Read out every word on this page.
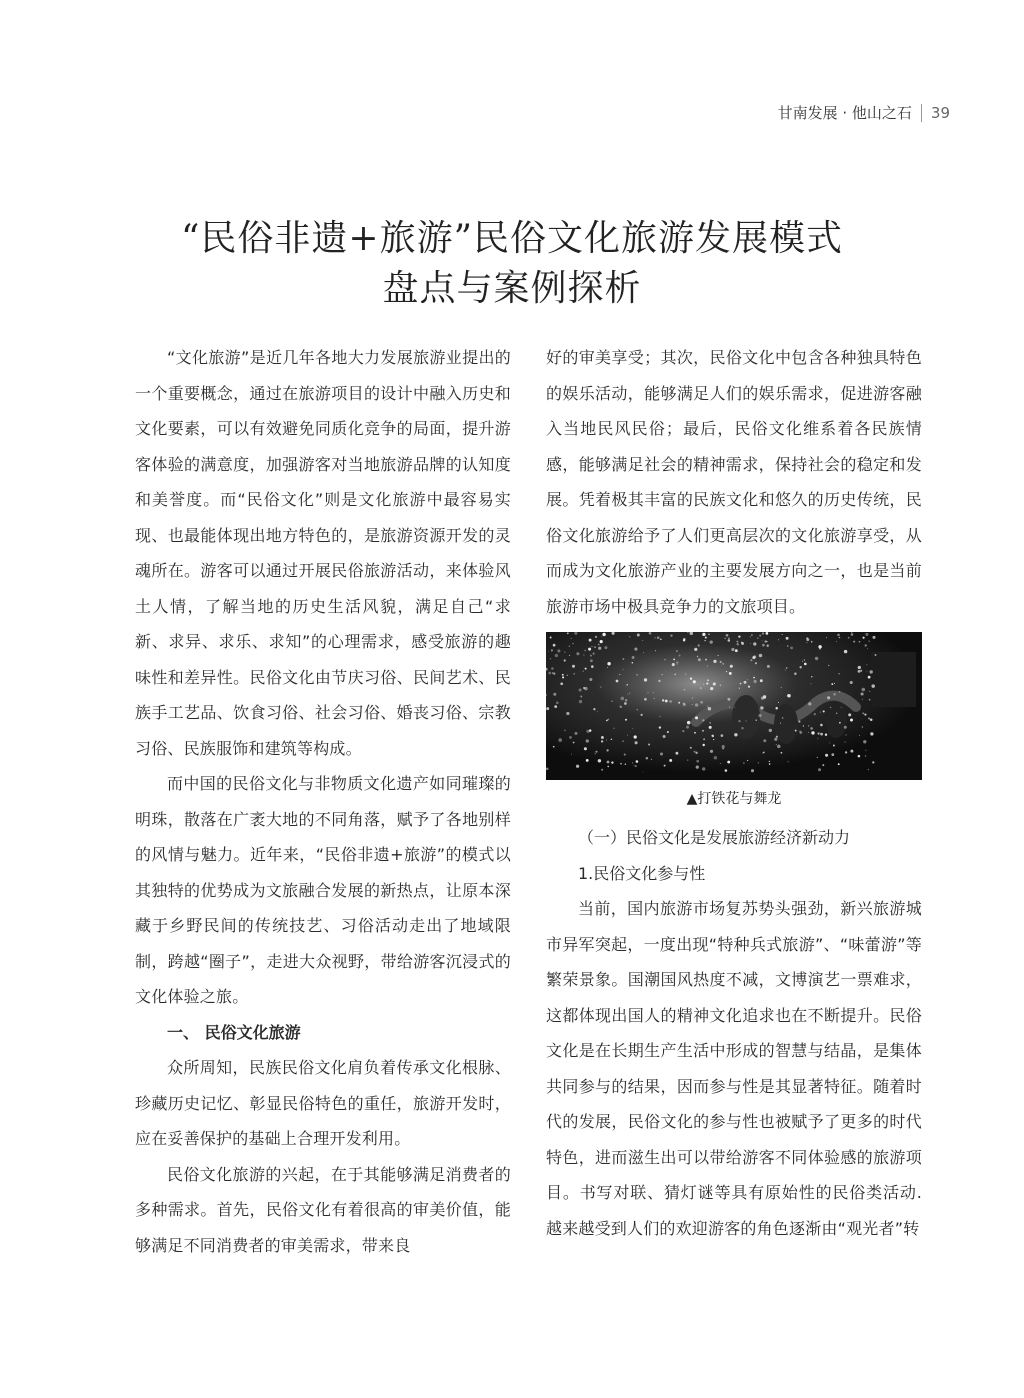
甘南发展 · 他山之石 39
“民俗非遗+旅游”民俗文化旅游发展模式
盘点与案例探析

“文化旅游”是近几年各地大力发展旅游业提出的一个重要概念，通过在旅游项目的设计中融入历史和文化要素，可以有效避免同质化竞争的局面，提升游客体验的满意度，加强游客对当地旅游品牌的认知度和美誉度。而“民俗文化”则是文化旅游中最容易实现、也最能体现出地方特色的，是旅游资源开发的灵魂所在。游客可以通过开展民俗旅游活动，来体验风土人情，了解当地的历史生活风貌，满足自己“求新、求异、求乐、求知”的心理需求，感受旅游的趣味性和差异性。民俗文化由节庆习俗、民间艺术、民族手工艺品、饮食习俗、社会习俗、婚丧习俗、宗教习俗、民族服饰和建筑等构成。

而中国的民俗文化与非物质文化遗产如同璀璨的明珠，散落在广袤大地的不同角落，赋予了各地别样的风情与魅力。近年来，“民俗非遗+旅游”的模式以其独特的优势成为文旅融合发展的新热点，让原本深藏于乡野民间的传统技艺、习俗活动走出了地域限制，跨越“圈子”，走进大众视野，带给游客沉浸式的文化体验之旅。

一、 民俗文化旅游

众所周知，民族民俗文化肩负着传承文化根脉、珍藏历史记忆、彰显民俗特色的重任，旅游开发时，应在妥善保护的基础上合理开发利用。

民俗文化旅游的兴起，在于其能够满足消费者的多种需求。首先，民俗文化有着很高的审美价值，能够满足不同消费者的审美需求，带来良

好的审美享受；其次，民俗文化中包含各种独具特色的娱乐活动，能够满足人们的娱乐需求，促进游客融入当地民风民俗；最后，民俗文化维系着各民族情感，能够满足社会的精神需求，保持社会的稳定和发展。凭着极其丰富的民族文化和悠久的历史传统，民俗文化旅游给予了人们更高层次的文化旅游享受，从而成为文化旅游产业的主要发展方向之一，也是当前旅游市场中极具竞争力的文旅项目。

▲打铁花与舞龙
（一）民俗文化是发展旅游经济新动力
1.民俗文化参与性

当前，国内旅游市场复苏势头强劲，新兴旅游城市异军突起，一度出现“特种兵式旅游”、“味蕾游”等繁荣景象。国潮国风热度不减，文博演艺一票难求，这都体现出国人的精神文化追求也在不断提升。民俗文化是在长期生产生活中形成的智慧与结晶，是集体共同参与的结果，因而参与性是其显著特征。随着时代的发展，民俗文化的参与性也被赋予了更多的时代特色，进而滋生出可以带给游客不同体验感的旅游项目。书写对联、猜灯谜等具有原始性的民俗类活动.越来越受到人们的欢迎游客的角色逐渐由“观光者”转
